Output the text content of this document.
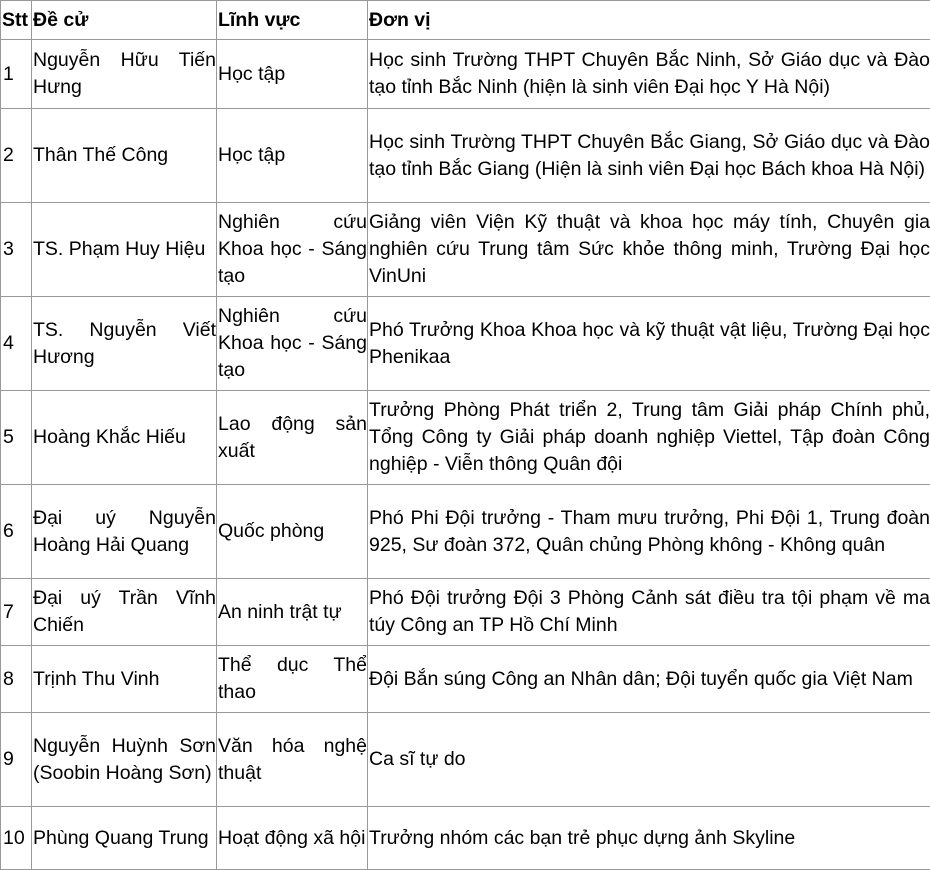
Stt	Đề cử	Lĩnh vực	Đơn vị
1	Nguyễn Hữu Tiến Hưng	Học tập	Học sinh Trường THPT Chuyên Bắc Ninh, Sở Giáo dục và Đào tạo tỉnh Bắc Ninh (hiện là sinh viên Đại học Y Hà Nội)
2	Thân Thế Công	Học tập	Học sinh Trường THPT Chuyên Bắc Giang, Sở Giáo dục và Đào tạo tỉnh Bắc Giang (Hiện là sinh viên Đại học Bách khoa Hà Nội)
3	TS. Phạm Huy Hiệu	Nghiên cứu Khoa học - Sáng tạo	Giảng viên Viện Kỹ thuật và khoa học máy tính, Chuyên gia nghiên cứu Trung tâm Sức khỏe thông minh, Trường Đại học VinUni
4	TS. Nguyễn Viết Hương	Nghiên cứu Khoa học - Sáng tạo	Phó Trưởng Khoa Khoa học và kỹ thuật vật liệu, Trường Đại học Phenikaa
5	Hoàng Khắc Hiếu	Lao động sản xuất	Trưởng Phòng Phát triển 2, Trung tâm Giải pháp Chính phủ, Tổng Công ty Giải pháp doanh nghiệp Viettel, Tập đoàn Công nghiệp - Viễn thông Quân đội
6	Đại uý Nguyễn Hoàng Hải Quang	Quốc phòng	Phó Phi Đội trưởng - Tham mưu trưởng, Phi Đội 1, Trung đoàn 925, Sư đoàn 372, Quân chủng Phòng không - Không quân
7	Đại uý Trần Vĩnh Chiến	An ninh trật tự	Phó Đội trưởng Đội 3 Phòng Cảnh sát điều tra tội phạm về ma túy Công an TP Hồ Chí Minh
8	Trịnh Thu Vinh	Thể dục Thể thao	Đội Bắn súng Công an Nhân dân; Đội tuyển quốc gia Việt Nam
9	Nguyễn Huỳnh Sơn (Soobin Hoàng Sơn)	Văn hóa nghệ thuật	Ca sĩ tự do
10	Phùng Quang Trung	Hoạt động xã hội	Trưởng nhóm các bạn trẻ phục dựng ảnh Skyline
